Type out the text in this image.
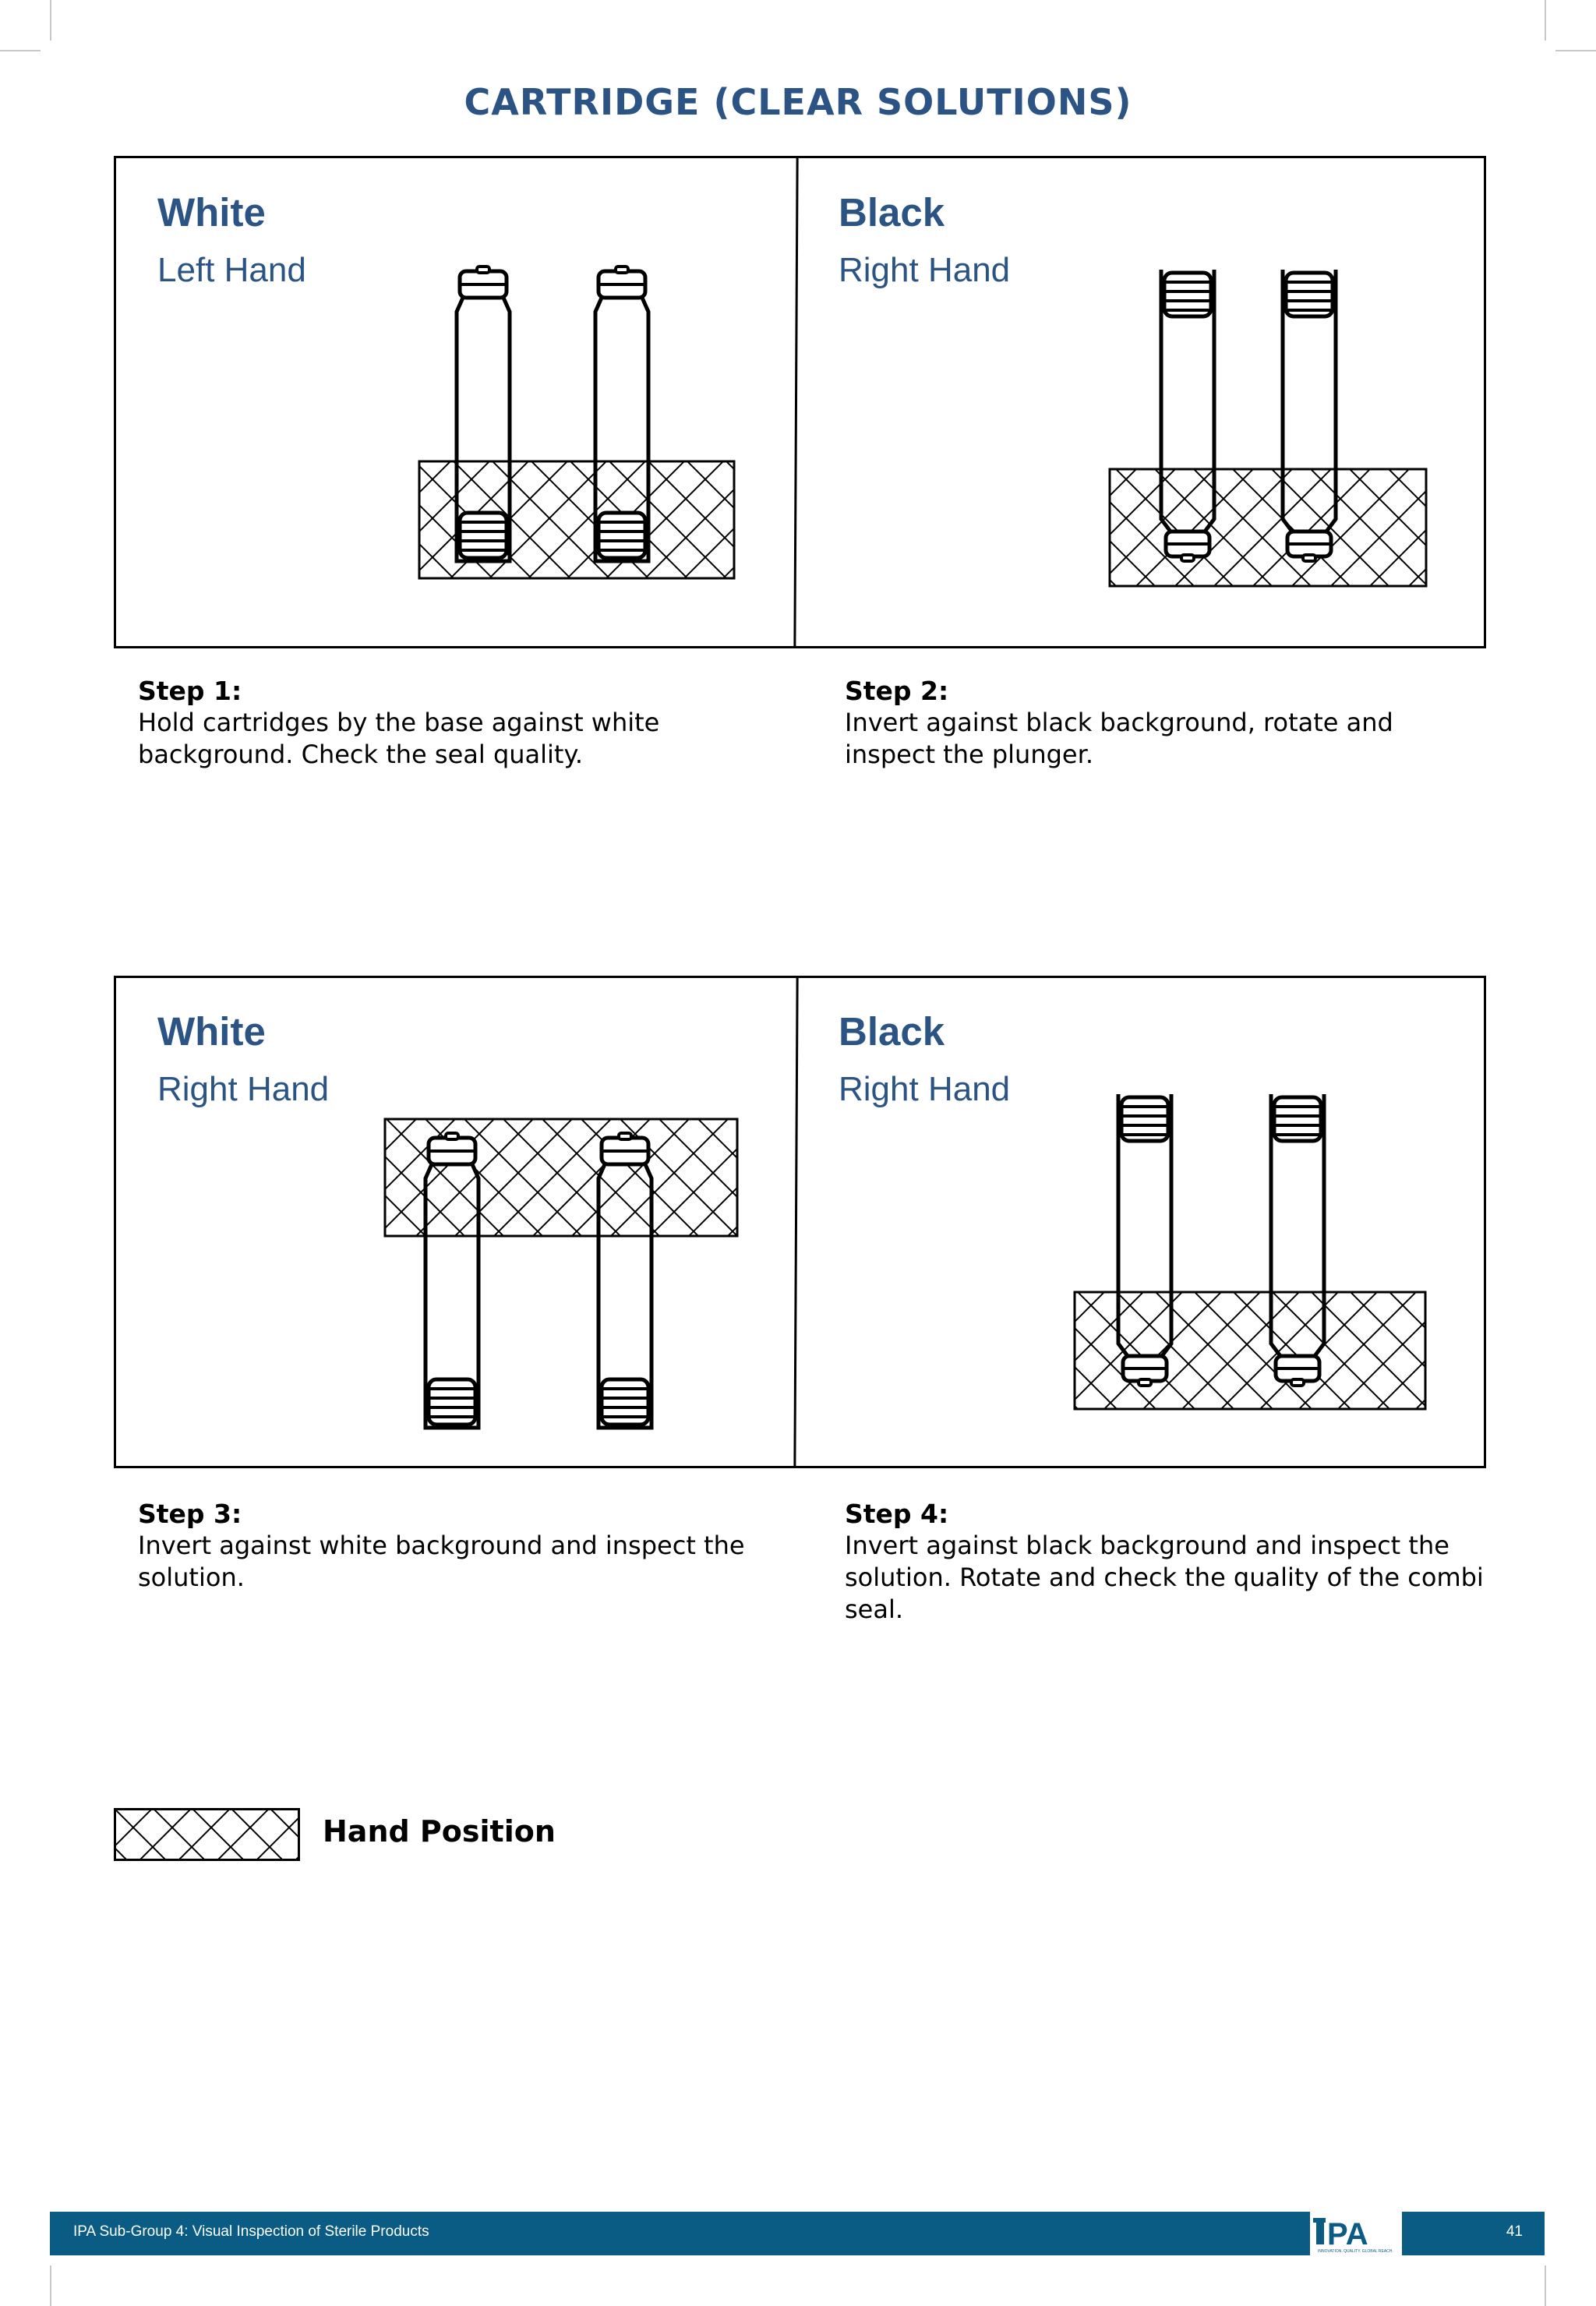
CARTRIDGE (CLEAR SOLUTIONS)
White
Left Hand
Black
Right Hand
Step 1:
Hold cartridges by the base against white background. Check the seal quality.
Step 2:
Invert against black background, rotate and inspect the plunger.
White
Right Hand
Black
Right Hand
Step 3:
Invert against white background and inspect the solution.
Step 4:
Invert against black background and inspect the solution. Rotate and check the quality of the combi seal.
Hand Position
IPA Sub-Group 4: Visual Inspection of Sterile Products	PA
INNOVATION. QUALITY. GLOBAL REACH.
41
